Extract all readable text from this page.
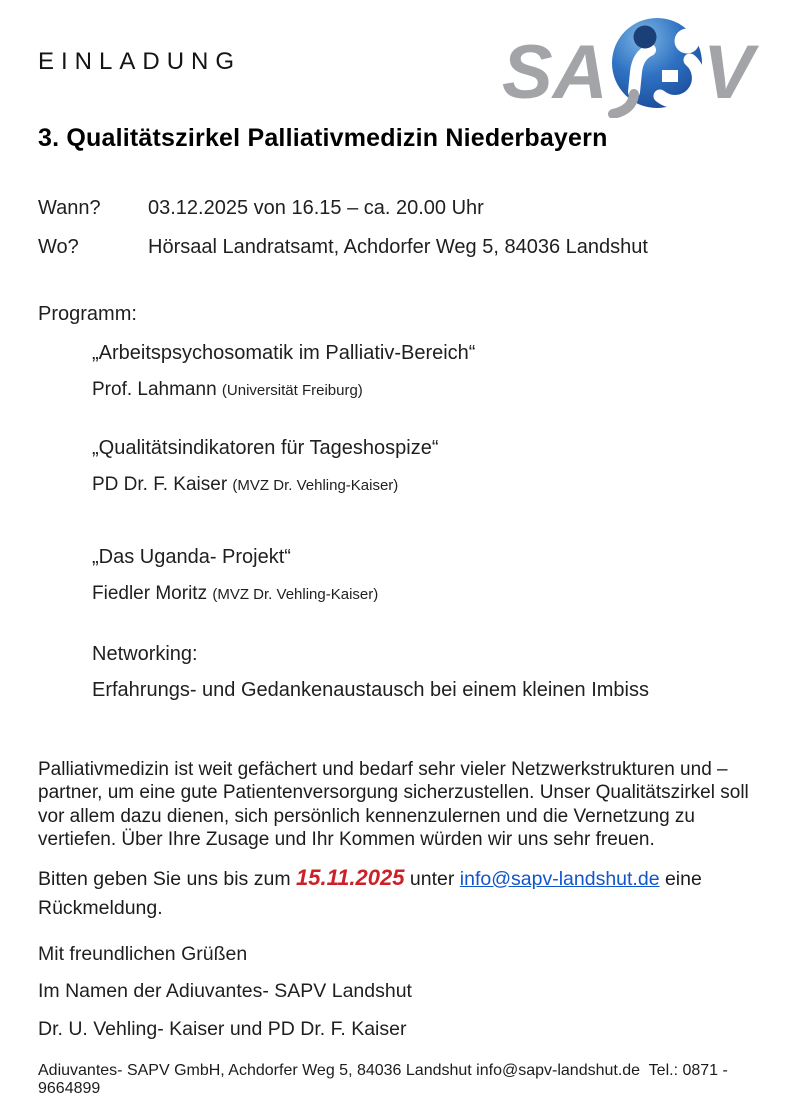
EINLADUNG	SA V
3. Qualitätszirkel Palliativmedizin Niederbayern
Wann?	03.12.2025 von 16.15 – ca. 20.00 Uhr
Wo?	Hörsaal Landratsamt, Achdorfer Weg 5, 84036 Landshut
Programm:
„Arbeitspsychosomatik im Palliativ-Bereich“
Prof. Lahmann (Universität Freiburg)
„Qualitätsindikatoren für Tageshospize“
PD Dr. F. Kaiser (MVZ Dr. Vehling-Kaiser)
„Das Uganda- Projekt“
Fiedler Moritz (MVZ Dr. Vehling-Kaiser)
Networking:
Erfahrungs- und Gedankenaustausch bei einem kleinen Imbiss
Palliativmedizin ist weit gefächert und bedarf sehr vieler Netzwerkstrukturen und –
partner, um eine gute Patientenversorgung sicherzustellen. Unser Qualitätszirkel soll
vor allem dazu dienen, sich persönlich kennenzulernen und die Vernetzung zu
vertiefen. Über Ihre Zusage und Ihr Kommen würden wir uns sehr freuen.
Bitten geben Sie uns bis zum 15.11.2025 unter info@sapv-landshut.de eine
Rückmeldung.
Mit freundlichen Grüßen
Im Namen der Adiuvantes- SAPV Landshut
Dr. U. Vehling- Kaiser und PD Dr. F. Kaiser
Adiuvantes- SAPV GmbH, Achdorfer Weg 5, 84036 Landshut info@sapv-landshut.de  Tel.: 0871 - 9664899
